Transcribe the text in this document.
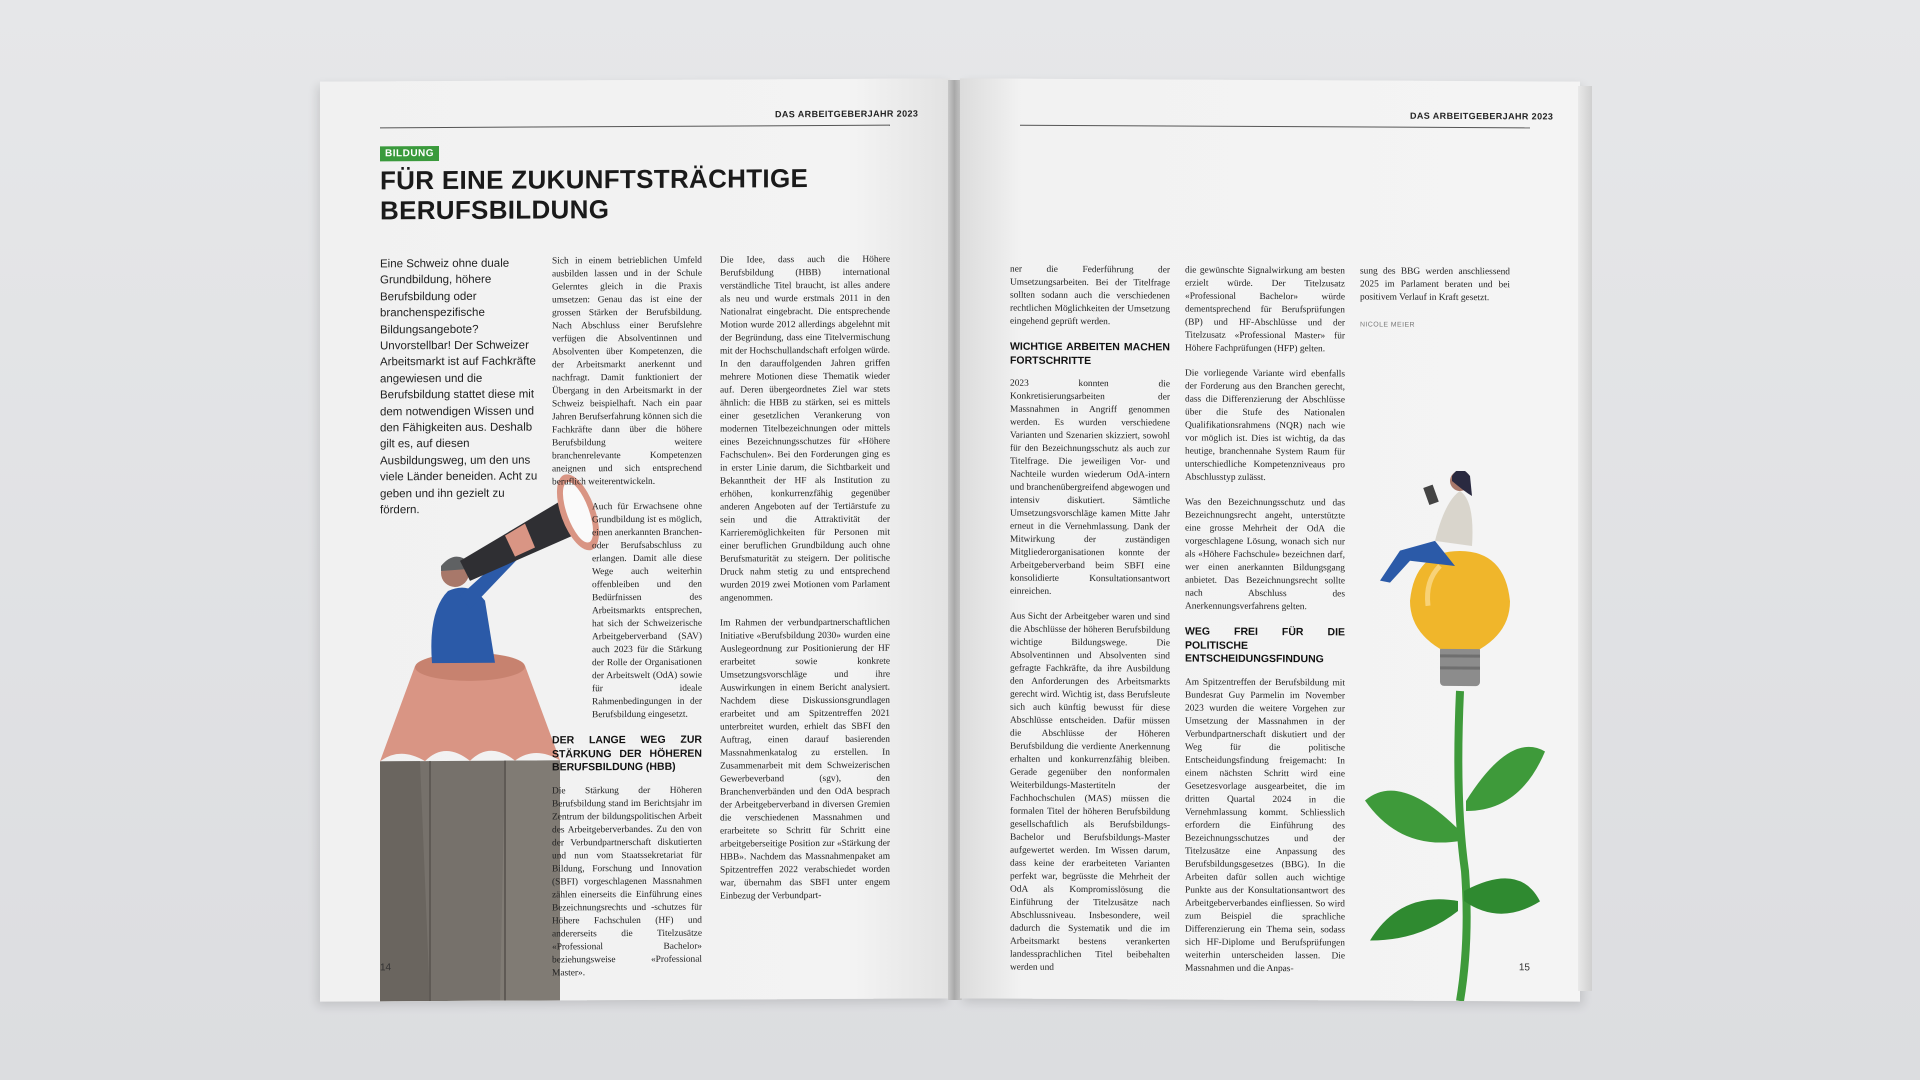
DAS ARBEITGEBERJAHR 2023
BILDUNG
FÜR EINE ZUKUNFTSTRÄCHTIGE BERUFSBILDUNG
Eine Schweiz ohne duale Grundbildung, höhere Berufsbildung oder branchenspezifische Bildungsangebote? Unvorstellbar! Der Schweizer Arbeitsmarkt ist auf Fachkräfte angewiesen und die Berufsbildung stattet diese mit dem notwendigen Wissen und den Fähigkeiten aus. Deshalb gilt es, auf diesen Ausbildungsweg, um den uns viele Länder beneiden. Acht zu geben und ihn gezielt zu fördern.

Sich in einem betrieblichen Umfeld ausbilden lassen und in der Schule Gelerntes gleich in die Praxis umsetzen: Genau das ist eine der grossen Stärken der Berufsbildung. Nach Abschluss einer Berufslehre verfügen die Absolventinnen und Absolventen über Kompetenzen, die der Arbeitsmarkt anerkennt und nachfragt. Damit funktioniert der Übergang in den Arbeitsmarkt in der Schweiz beispielhaft. Nach ein paar Jahren Berufserfahrung können sich die Fachkräfte dann über die höhere Berufsbildung weitere branchenrelevante Kompetenzen aneignen und sich entsprechend beruflich weiterentwickeln.

Auch für Erwachsene ohne Grundbildung ist es möglich, einen anerkannten Branchen- oder Berufsabschluss zu erlangen. Damit alle diese Wege auch weiterhin offenbleiben und den Bedürfnissen des Arbeitsmarkts entsprechen, hat sich der Schweizerische Arbeitgeberverband (SAV) auch 2023 für die Stärkung der Rolle der Organisationen der Arbeitswelt (OdA) sowie für ideale Rahmenbedingungen in der Berufsbildung eingesetzt.

DER LANGE WEG ZUR STÄRKUNG DER HÖHEREN BERUFSBILDUNG (HBB)

Die Stärkung der Höheren Berufsbildung stand im Berichtsjahr im Zentrum der bildungspolitischen Arbeit des Arbeitgeberverbandes. Zu den von der Verbundpartnerschaft diskutierten und nun vom Staatssekretariat für Bildung, Forschung und Innovation (SBFI) vorgeschlagenen Massnahmen zählen einerseits die Einführung eines Bezeichnungsrechts und -schutzes für Höhere Fachschulen (HF) und andererseits die Titelzusätze «Professional Bachelor» beziehungsweise «Professional Master».

Die Idee, dass auch die Höhere Berufsbildung (HBB) international verständliche Titel braucht, ist alles andere als neu und wurde erstmals 2011 in den Nationalrat eingebracht. Die entsprechende Motion wurde 2012 allerdings abgelehnt mit der Begründung, dass eine Titelvermischung mit der Hochschullandschaft erfolgen würde. In den darauffolgenden Jahren griffen mehrere Motionen diese Thematik wieder auf. Deren übergeordnetes Ziel war stets ähnlich: die HBB zu stärken, sei es mittels einer gesetzlichen Verankerung von modernen Titelbezeichnungen oder mittels eines Bezeichnungsschutzes für «Höhere Fachschulen». Bei den Forderungen ging es in erster Linie darum, die Sichtbarkeit und Bekanntheit der HF als Institution zu erhöhen, konkurrenzfähig gegenüber anderen Angeboten auf der Tertiärstufe zu sein und die Attraktivität der Karrieremöglichkeiten für Personen mit einer beruflichen Grundbildung auch ohne Berufsmaturität zu steigern. Der politische Druck nahm stetig zu und entsprechend wurden 2019 zwei Motionen vom Parlament angenommen.

Im Rahmen der verbundpartnerschaftlichen Initiative «Berufsbildung 2030» wurden eine Auslegeordnung zur Positionierung der HF erarbeitet sowie konkrete Umsetzungsvorschläge und ihre Auswirkungen in einem Bericht analysiert. Nachdem diese Diskussionsgrundlagen erarbeitet und am Spitzentreffen 2021 unterbreitet wurden, erhielt das SBFI den Auftrag, einen darauf basierenden Massnahmenkatalog zu erstellen. In Zusammenarbeit mit dem Schweizerischen Gewerbeverband (sgv), den Branchenverbänden und den OdA besprach der Arbeitgeberverband in diversen Gremien die verschiedenen Massnahmen und erarbeitete so Schritt für Schritt eine arbeitgeberseitige Position zur «Stärkung der HBB». Nachdem das Massnahmenpaket am Spitzentreffen 2022 verabschiedet worden war, übernahm das SBFI unter engem Einbezug der Verbundpart-

14
DAS ARBEITGEBERJAHR 2023

ner die Federführung der Umsetzungsarbeiten. Bei der Titelfrage sollten sodann auch die verschiedenen rechtlichen Möglichkeiten der Umsetzung eingehend geprüft werden.

WICHTIGE ARBEITEN MACHEN FORTSCHRITTE

2023 konnten die Konkretisierungsarbeiten der Massnahmen in Angriff genommen werden. Es wurden verschiedene Varianten und Szenarien skizziert, sowohl für den Bezeichnungsschutz als auch zur Titelfrage. Die jeweiligen Vor- und Nachteile wurden wiederum OdA-intern und branchenübergreifend abgewogen und intensiv diskutiert. Sämtliche Umsetzungsvorschläge kamen Mitte Jahr erneut in die Vernehmlassung. Dank der Mitwirkung der zuständigen Mitgliederorganisationen konnte der Arbeitgeberverband beim SBFI eine konsolidierte Konsultationsantwort einreichen.

Aus Sicht der Arbeitgeber waren und sind die Abschlüsse der höheren Berufsbildung wichtige Bildungswege. Die Absolventinnen und Absolventen sind gefragte Fachkräfte, da ihre Ausbildung den Anforderungen des Arbeitsmarkts gerecht wird. Wichtig ist, dass Berufsleute sich auch künftig bewusst für diese Abschlüsse entscheiden. Dafür müssen die Abschlüsse der Höheren Berufsbildung die verdiente Anerkennung erhalten und konkurrenzfähig bleiben. Gerade gegenüber den nonformalen Weiterbildungs-Mastertiteln der Fachhochschulen (MAS) müssen die formalen Titel der höheren Berufsbildung gesellschaftlich als Berufsbildungs-Bachelor und Berufsbildungs-Master aufgewertet werden. Im Wissen darum, dass keine der erarbeiteten Varianten perfekt war, begrüsste die Mehrheit der OdA als Kompromisslösung die Einführung der Titelzusätze nach Abschlussniveau. Insbesondere, weil dadurch die Systematik und die im Arbeitsmarkt bestens verankerten landessprachlichen Titel beibehalten werden und

die gewünschte Signalwirkung am besten erzielt würde. Der Titelzusatz «Professional Bachelor» würde dementsprechend für Berufsprüfungen (BP) und HF-Abschlüsse und der Titelzusatz «Professional Master» für Höhere Fachprüfungen (HFP) gelten.

Die vorliegende Variante wird ebenfalls der Forderung aus den Branchen gerecht, dass die Differenzierung der Abschlüsse über die Stufe des Nationalen Qualifikationsrahmens (NQR) nach wie vor möglich ist. Dies ist wichtig, da das heutige, branchennahe System Raum für unterschiedliche Kompetenzniveaus pro Abschlusstyp zulässt.

Was den Bezeichnungsschutz und das Bezeichnungsrecht angeht, unterstützte eine grosse Mehrheit der OdA die vorgeschlagene Lösung, wonach sich nur als «Höhere Fachschule» bezeichnen darf, wer einen anerkannten Bildungsgang anbietet. Das Bezeichnungsrecht sollte nach Abschluss des Anerkennungsverfahrens gelten.

WEG FREI FÜR DIE POLITISCHE ENTSCHEIDUNGSFINDUNG

Am Spitzentreffen der Berufsbildung mit Bundesrat Guy Parmelin im November 2023 wurden die weitere Vorgehen zur Umsetzung der Massnahmen in der Verbundpartnerschaft diskutiert und der Weg für die politische Entscheidungsfindung freigemacht: In einem nächsten Schritt wird eine Gesetzesvorlage ausgearbeitet, die im dritten Quartal 2024 in die Vernehmlassung kommt. Schliesslich erfordern die Einführung des Bezeichnungsschutzes und der Titelzusätze eine Anpassung des Berufsbildungsgesetzes (BBG). In die Arbeiten dafür sollen auch wichtige Punkte aus der Konsultationsantwort des Arbeitgeberverbandes einfliessen. So wird zum Beispiel die sprachliche Differenzierung ein Thema sein, sodass sich HF-Diplome und Berufsprüfungen weiterhin unterscheiden lassen. Die Massnahmen und die Anpas-

sung des BBG werden anschliessend 2025 im Parlament beraten und bei positivem Verlauf in Kraft gesetzt.

NICOLE MEIER
15
